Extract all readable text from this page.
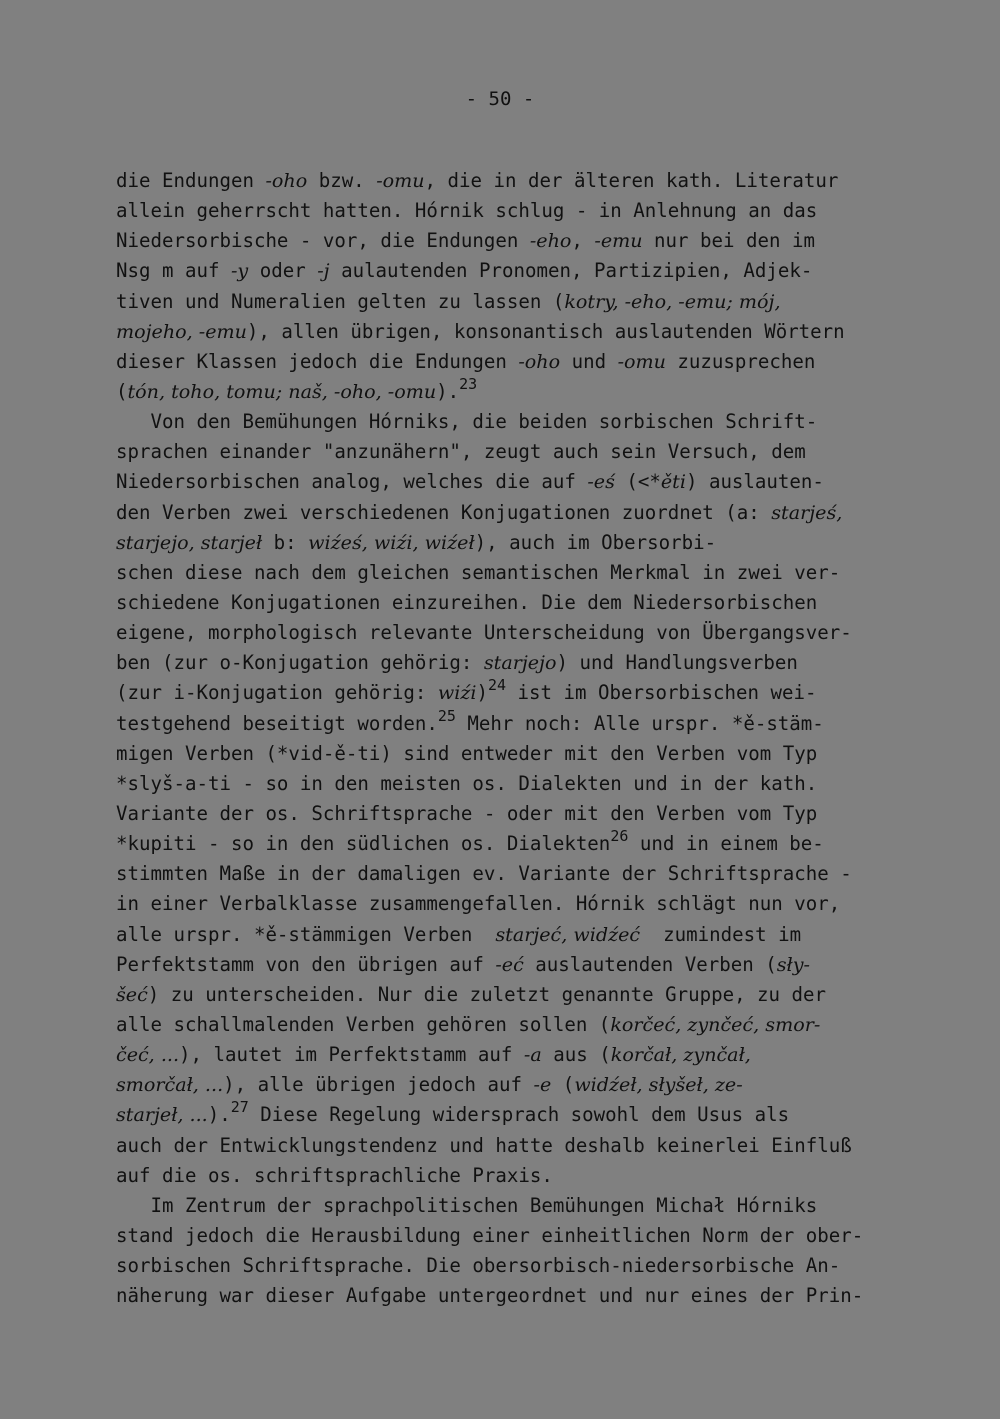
- 50 -
die Endungen -oho bzw. -omu, die in der älteren kath. Literatur
allein geherrscht hatten. Hórnik schlug - in Anlehnung an das
Niedersorbische - vor, die Endungen -eho, -emu nur bei den im
Nsg m auf -y oder -j aulautenden Pronomen, Partizipien, Adjek-
tiven und Numeralien gelten zu lassen (kotry, -eho, -emu; mój,
mojeho, -emu), allen übrigen, konsonantisch auslautenden Wörtern
dieser Klassen jedoch die Endungen -oho und -omu zuzusprechen
(tón, toho, tomu; naš, -oho, -omu).$^{23}$
Von den Bemühungen Hórniks, die beiden sorbischen Schrift-
sprachen einander "anzunähern", zeugt auch sein Versuch, dem
Niedersorbischen analog, welches die auf -eś (<*ěti) auslauten-
den Verben zwei verschiedenen Konjugationen zuordnet (a: starjeś,
starjejo, starjeł b: wiźeś, wiźi, wiźeł), auch im Obersorbi-
schen diese nach dem gleichen semantischen Merkmal in zwei ver-
schiedene Konjugationen einzureihen. Die dem Niedersorbischen
eigene, morphologisch relevante Unterscheidung von Übergangsver-
ben (zur o-Konjugation gehörig: starjejo) und Handlungsverben
(zur i-Konjugation gehörig: wiźi)$^{24}$ ist im Obersorbischen wei-
testgehend beseitigt worden.$^{25}$ Mehr noch: Alle urspr. *ě-stäm-
migen Verben (*vid-ě-ti) sind entweder mit den Verben vom Typ
*slyš-a-ti - so in den meisten os. Dialekten und in der kath.
Variante der os. Schriftsprache - oder mit den Verben vom Typ
*kupiti - so in den südlichen os. Dialekten$^{26}$ und in einem be-
stimmten Maße in der damaligen ev. Variante der Schriftsprache -
in einer Verbalklasse zusammengefallen. Hórnik schlägt nun vor,
alle urspr. *ě-stämmigen Verben  starjeć, widźeć  zumindest im
Perfektstamm von den übrigen auf -eć auslautenden Verben (sły-
šeć) zu unterscheiden. Nur die zuletzt genannte Gruppe, zu der
alle schallmalenden Verben gehören sollen (korčeć, zynčeć, smor-
čeć, ...), lautet im Perfektstamm auf -a aus (korčał, zynčał,
smorčał, ...), alle übrigen jedoch auf -e (widźeł, słyšeł, ze-
starjeł, ...).$^{27}$ Diese Regelung widersprach sowohl dem Usus als
auch der Entwicklungstendenz und hatte deshalb keinerlei Einfluß
auf die os. schriftsprachliche Praxis.
Im Zentrum der sprachpolitischen Bemühungen Michał Hórniks
stand jedoch die Herausbildung einer einheitlichen Norm der ober-
sorbischen Schriftsprache. Die obersorbisch-niedersorbische An-
näherung war dieser Aufgabe untergeordnet und nur eines der Prin-
